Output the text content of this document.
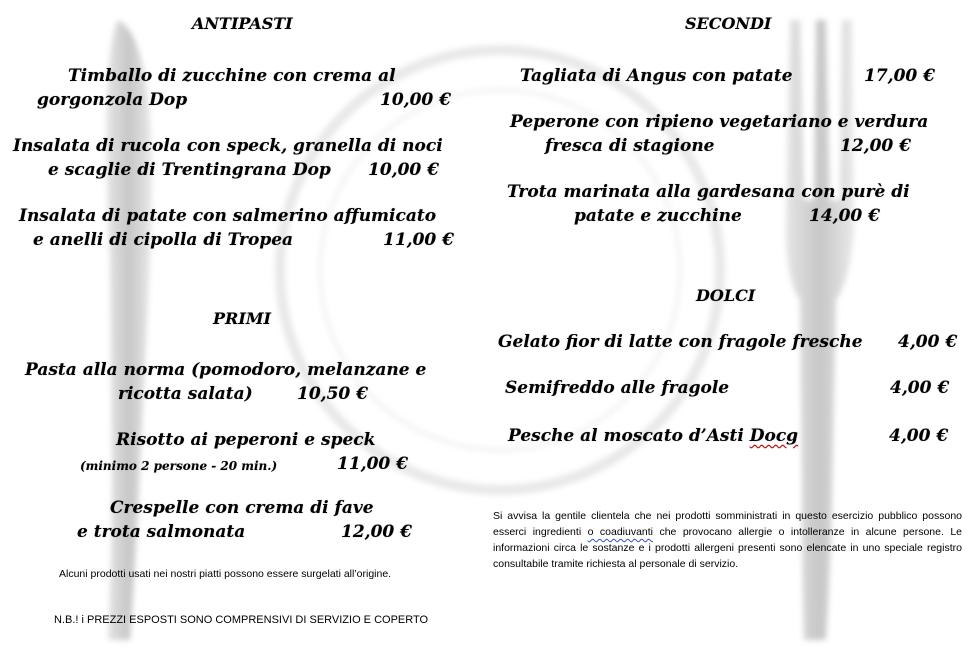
ANTIPASTI
Timballo di zucchine con crema al
gorgonzola Dop	10,00 €
Insalata di rucola con speck, granella di noci
e scaglie di Trentingrana Dop 10,00 €
Insalata di patate con salmerino affumicato
e anelli di cipolla di Tropea	11,00 €
PRIMI
Pasta alla norma (pomodoro, melanzane e
ricotta salata)	10,50 €
Risotto ai peperoni e speck
(minimo 2 persone - 20 min.)	11,00 €
Crespelle con crema di fave
e trota salmonata	12,00 €
Alcuni prodotti usati nei nostri piatti possono essere surgelati all’origine.
N.B.! i PREZZI ESPOSTI SONO COMPRENSIVI DI SERVIZIO E COPERTO
SECONDI
Tagliata di Angus con patate	17,00 €
Peperone con ripieno vegetariano e verdura
fresca di stagione	12,00 €
Trota marinata alla gardesana con purè di
patate e zucchine	14,00 €
DOLCI
Gelato fior di latte con fragole fresche 4,00 €
Semifreddo alle fragole	4,00 €
Pesche al moscato d’Asti Docg	4,00 €
Si avvisa la gentile clientela che nei prodotti somministrati in questo esercizio pubblico possono esserci ingredienti o coadiuvanti che provocano allergie o intolleranze in alcune persone. Le informazioni circa le sostanze e i prodotti allergeni presenti sono elencate in uno speciale registro consultabile tramite richiesta al personale di servizio.
